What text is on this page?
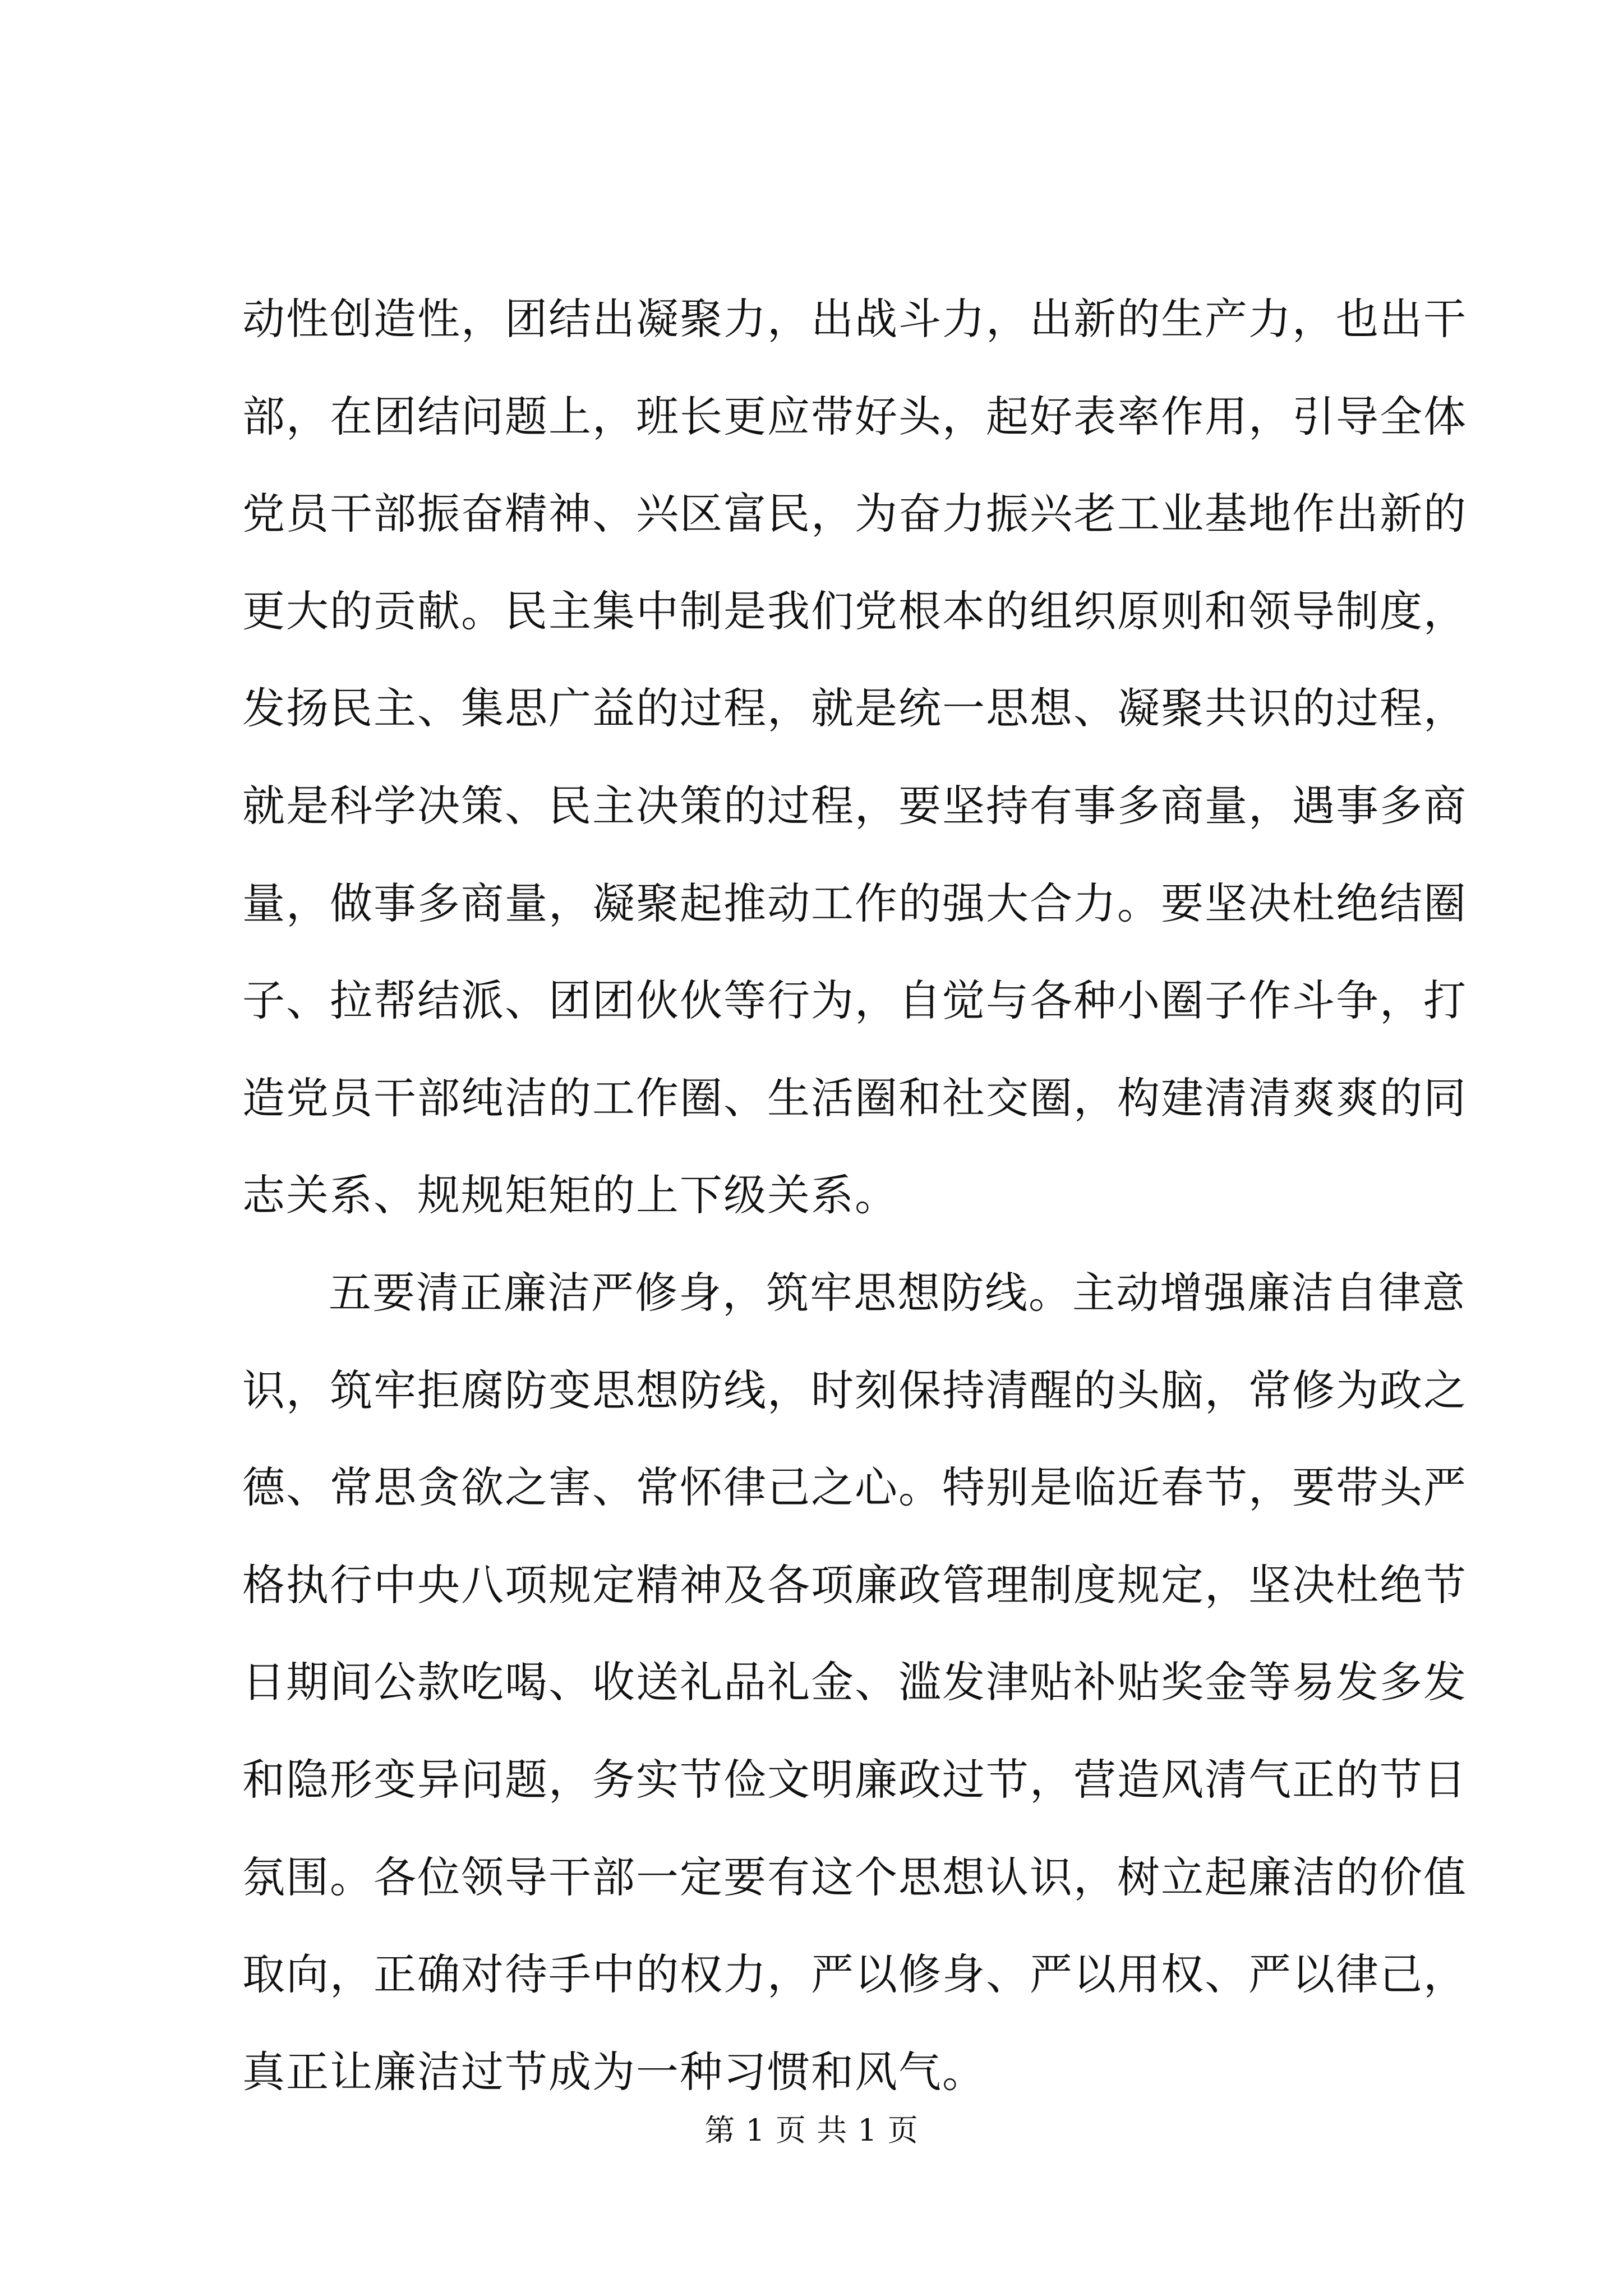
动性创造性，团结出凝聚力，出战斗力，出新的生产力，也出干
部，在团结问题上，班长更应带好头，起好表率作用，引导全体
党员干部振奋精神、兴区富民，为奋力振兴老工业基地作出新的
更大的贡献。民主集中制是我们党根本的组织原则和领导制度，
发扬民主、集思广益的过程，就是统一思想、凝聚共识的过程，
就是科学决策、民主决策的过程，要坚持有事多商量，遇事多商
量，做事多商量，凝聚起推动工作的强大合力。要坚决杜绝结圈
子、拉帮结派、团团伙伙等行为，自觉与各种小圈子作斗争，打
造党员干部纯洁的工作圈、生活圈和社交圈，构建清清爽爽的同
志关系、规规矩矩的上下级关系。
五要清正廉洁严修身，筑牢思想防线。主动增强廉洁自律意
识，筑牢拒腐防变思想防线，时刻保持清醒的头脑，常修为政之
德、常思贪欲之害、常怀律己之心。特别是临近春节，要带头严
格执行中央八项规定精神及各项廉政管理制度规定，坚决杜绝节
日期间公款吃喝、收送礼品礼金、滥发津贴补贴奖金等易发多发
和隐形变异问题，务实节俭文明廉政过节，营造风清气正的节日
氛围。各位领导干部一定要有这个思想认识，树立起廉洁的价值
取向，正确对待手中的权力，严以修身、严以用权、严以律己，
真正让廉洁过节成为一种习惯和风气。
第 1 页 共 1 页
